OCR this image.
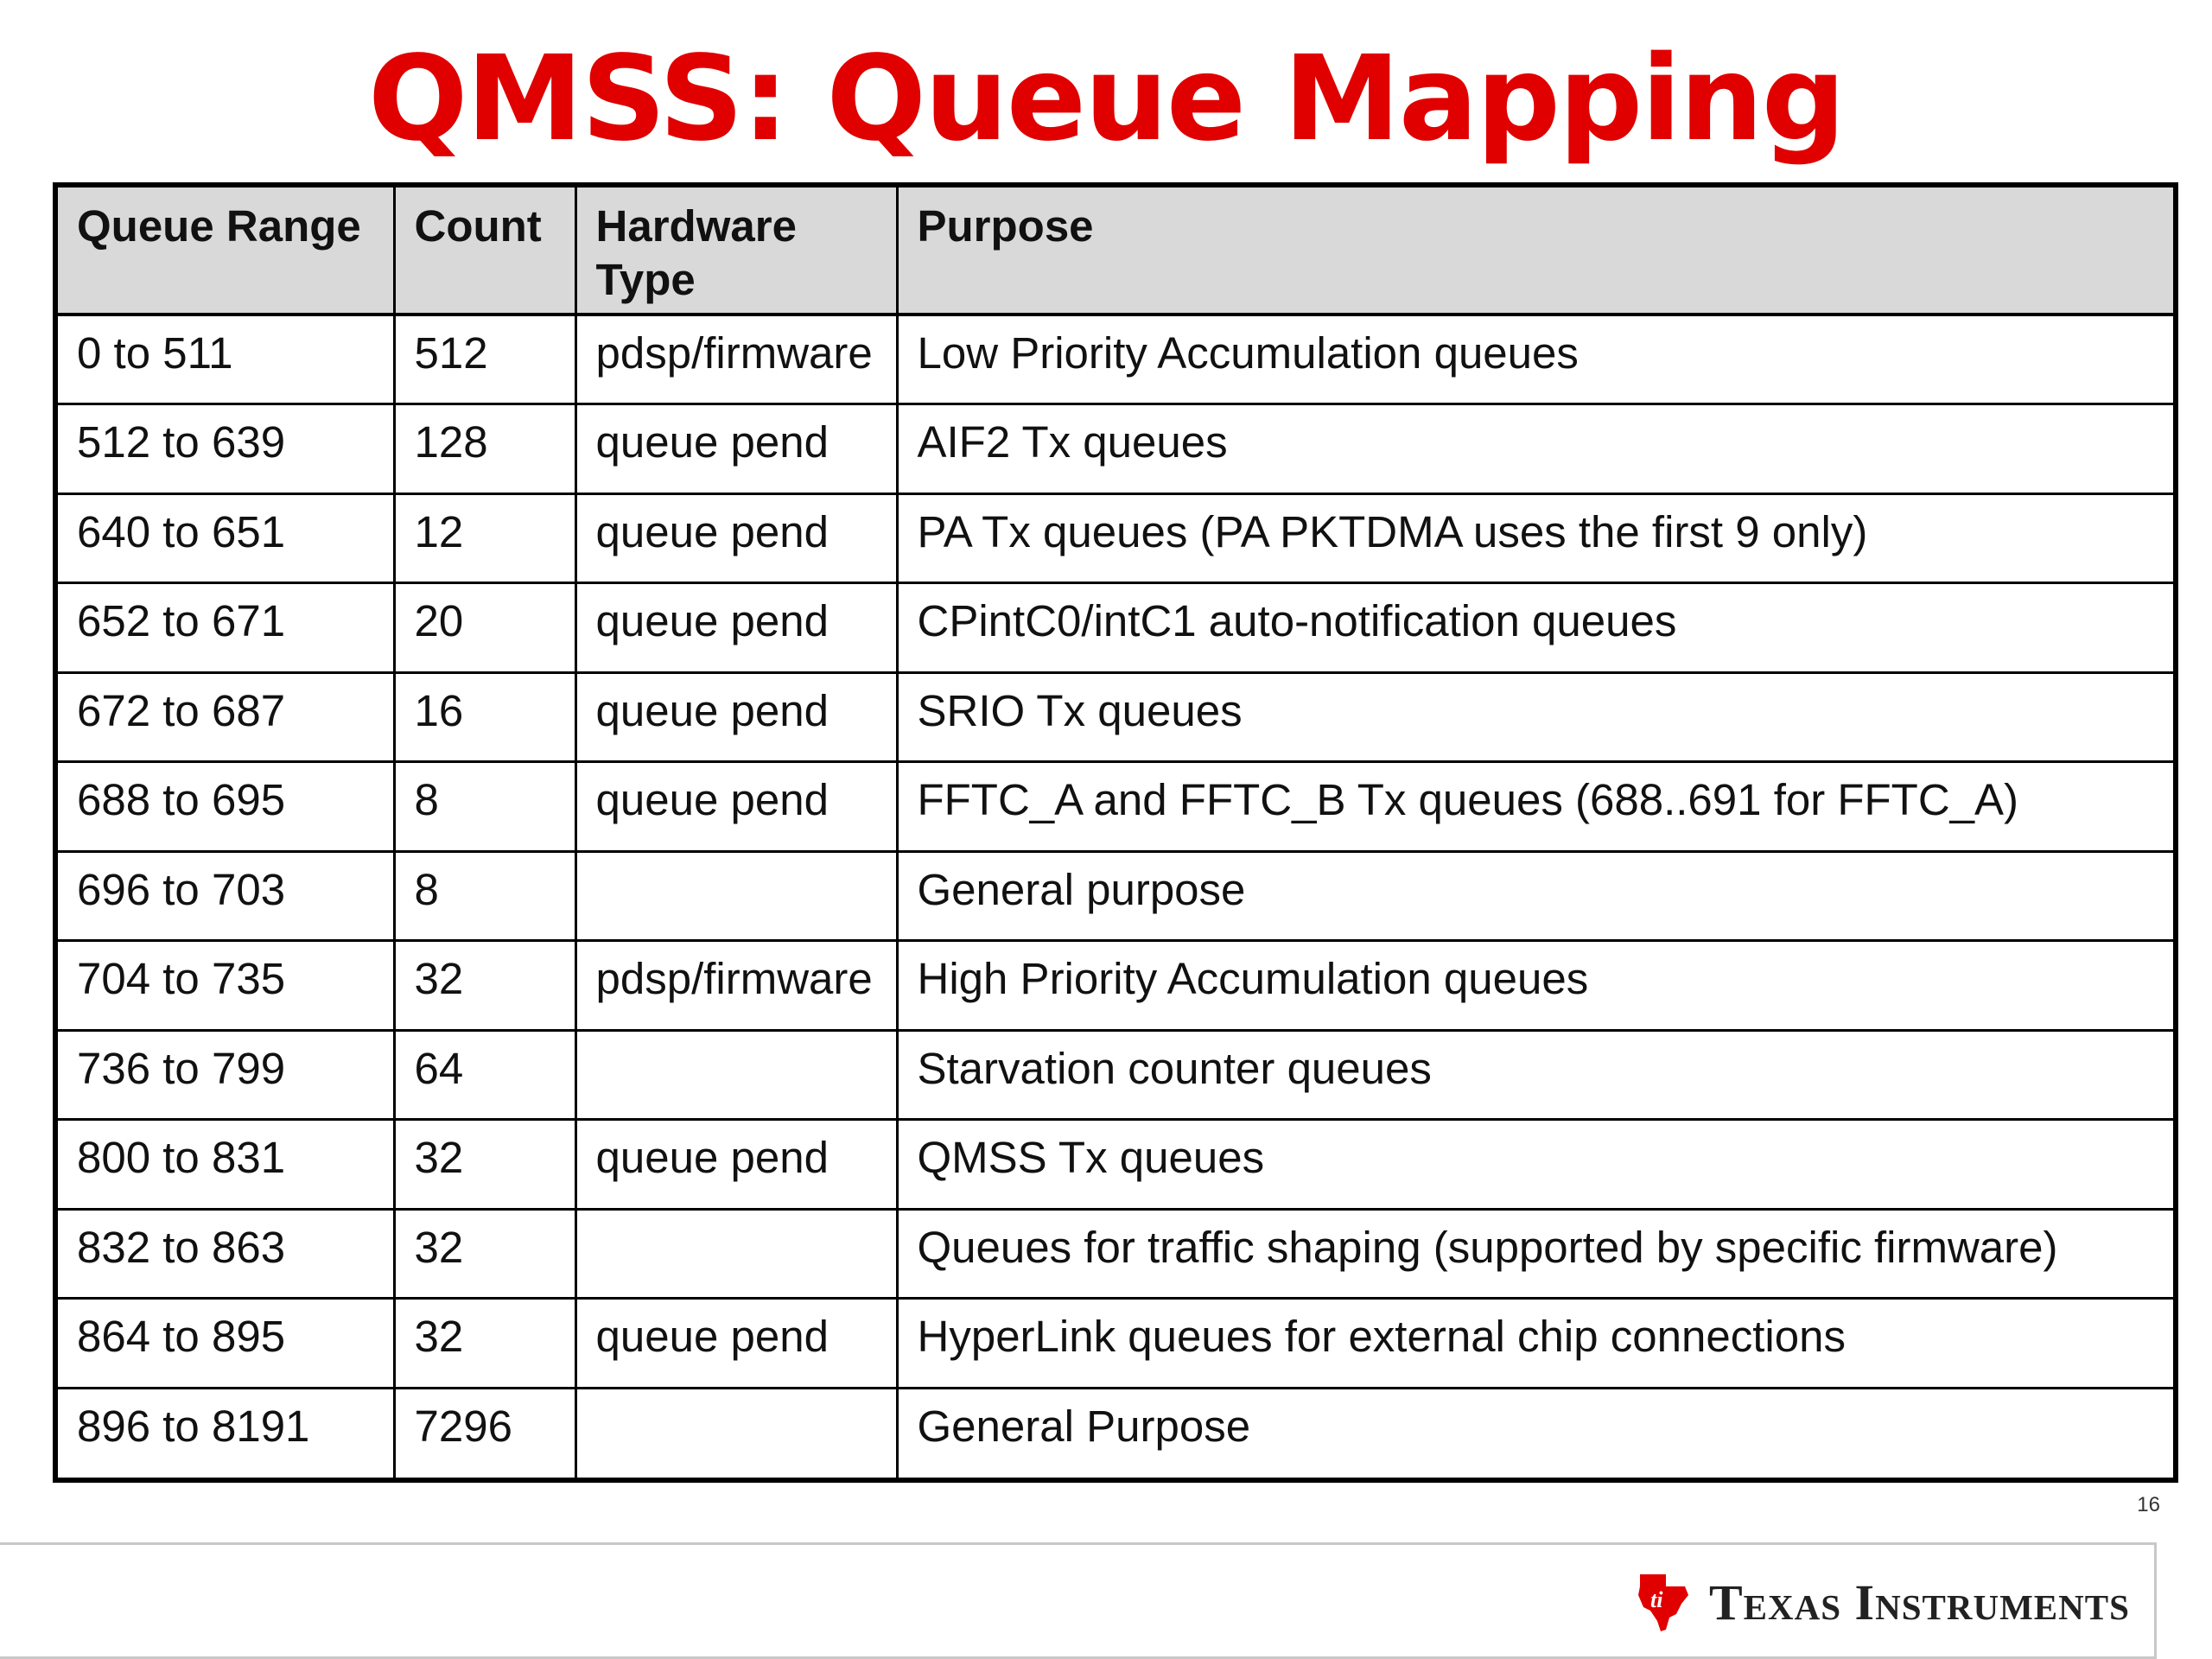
QMSS: Queue Mapping
Queue Range	Count	Hardware Type	Purpose
0 to 511	512	pdsp/firmware	Low Priority Accumulation queues
512 to 639	128	queue pend	AIF2 Tx queues
640 to 651	12	queue pend	PA Tx queues (PA PKTDMA uses the first 9 only)
652 to 671	20	queue pend	CPintC0/intC1 auto-notification queues
672 to 687	16	queue pend	SRIO Tx queues
688 to 695	8	queue pend	FFTC_A and FFTC_B Tx queues (688..691 for FFTC_A)
696 to 703	8		General purpose
704 to 735	32	pdsp/firmware	High Priority Accumulation queues
736 to 799	64		Starvation counter queues
800 to 831	32	queue pend	QMSS Tx queues
832 to 863	32		Queues for traffic shaping (supported by specific firmware)
864 to 895	32	queue pend	HyperLink queues for external chip connections
896 to 8191	7296		General Purpose
16
ti Texas Instruments
